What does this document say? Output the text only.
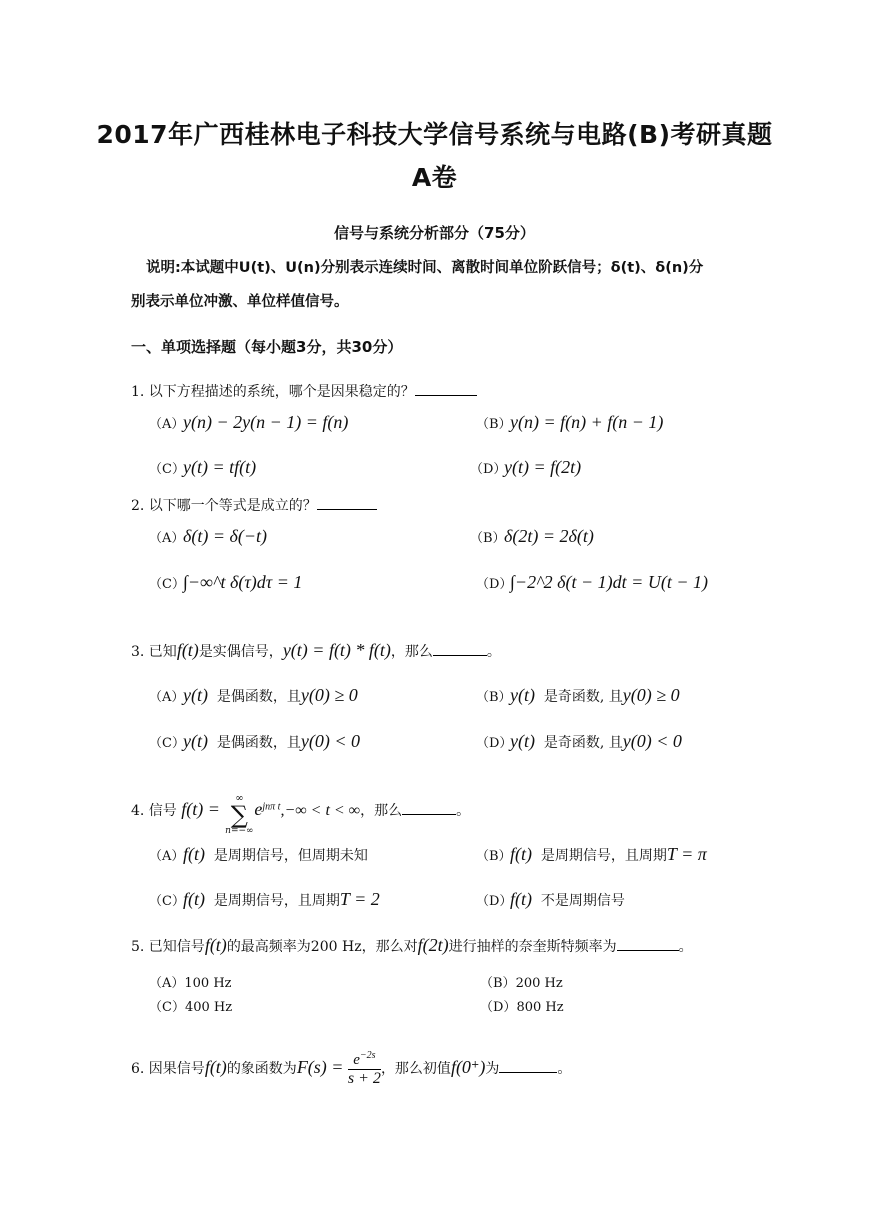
2017年广西桂林电子科技大学信号系统与电路(B)考研真题
A卷
信号与系统分析部分（75分）
说明:本试题中U(t)、U(n)分别表示连续时间、离散时间单位阶跃信号；δ(t)、δ(n)分
别表示单位冲激、单位样值信号。
一、单项选择题（每小题3分，共30分）
1. 以下方程描述的系统，哪个是因果稳定的？
（A）y(n) − 2y(n − 1) = f(n)	（B）y(n) = f(n) + f(n − 1)
（C）y(t) = tf(t)	（D）y(t) = f(2t)
2. 以下哪一个等式是成立的？
（A）δ(t) = δ(−t)	（B）δ(2t) = 2δ(t)
（C）∫−∞^t δ(τ)dτ = 1	（D）∫−2^2 δ(t − 1)dt = U(t − 1)
3. 已知f(t)是实偶信号，y(t) = f(t) * f(t)，那么	。
（A）y(t) 是偶函数，且y(0) ≥ 0	（B）y(t) 是奇函数, 且y(0) ≥ 0
（C）y(t) 是偶函数，且y(0) < 0	（D）y(t) 是奇函数, 且y(0) < 0
4. 信号 f(t) =
∞
∑
n=−∞
$e^{jn\pi t},-\infty < t$ < ∞，那么	。
（A）f(t) 是周期信号，但周期未知	（B）f(t) 是周期信号，且周期T = π
（C）f(t) 是周期信号，且周期T = 2	（D）f(t) 不是周期信号
5. 已知信号f(t)的最高频率为200 Hz，那么对f(2t)进行抽样的奈奎斯特频率为	。
（A）100 Hz	（B）200 Hz
（C）400 Hz	（D）800 Hz
6. 因果信号f(t)的象函数为$F(s) = \frac{e^{-2s}}{s + 2}$ ，那么初值f(0+)为	。
